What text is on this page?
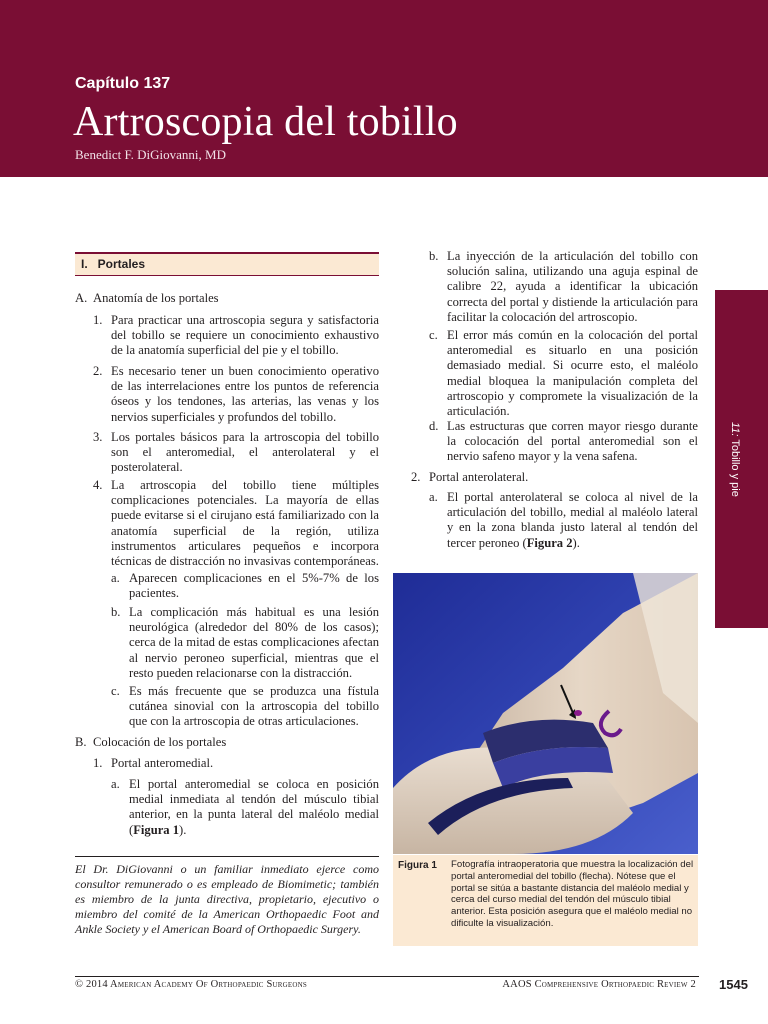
Capítulo 137
Artroscopia del tobillo
Benedict F. DiGiovanni, MD
11: Tobillo y pie
I.   Portales
A. Anatomía de los portales
1. Para practicar una artroscopia segura y satisfactoria del tobillo se requiere un conocimiento exhaustivo de la anatomía superficial del pie y el tobillo.
2. Es necesario tener un buen conocimiento operativo de las interrelaciones entre los puntos de referencia óseos y los tendones, las arterias, las venas y los nervios superficiales y profundos del tobillo.
3. Los portales básicos para la artroscopia del tobillo son el anteromedial, el anterolateral y el posterolateral.
4. La artroscopia del tobillo tiene múltiples complicaciones potenciales. La mayoría de ellas puede evitarse si el cirujano está familiarizado con la anatomía superficial de la región, utiliza instrumentos articulares pequeños e incorpora técnicas de distracción no invasivas contemporáneas.
a. Aparecen complicaciones en el 5%-7% de los pacientes.
b. La complicación más habitual es una lesión neurológica (alrededor del 80% de los casos); cerca de la mitad de estas complicaciones afectan al nervio peroneo superficial, mientras que el resto pueden relacionarse con la distracción.
c. Es más frecuente que se produzca una fístula cutánea sinovial con la artroscopia del tobillo que con la artroscopia de otras articulaciones.
B. Colocación de los portales
1. Portal anteromedial.
a. El portal anteromedial se coloca en posición medial inmediata al tendón del músculo tibial anterior, en la punta lateral del maléolo medial (Figura 1).
El Dr. DiGiovanni o un familiar inmediato ejerce como consultor remunerado o es empleado de Biomimetic; también es miembro de la junta directiva, propietario, ejecutivo o miembro del comité de la American Orthopaedic Foot and Ankle Society y el American Board of Orthopaedic Surgery.
b. La inyección de la articulación del tobillo con solución salina, utilizando una aguja espinal de calibre 22, ayuda a identificar la ubicación correcta del portal y distiende la articulación para facilitar la colocación del artroscopio.
c. El error más común en la colocación del portal anteromedial es situarlo en una posición demasiado medial. Si ocurre esto, el maléolo medial bloquea la manipulación completa del artroscopio y compromete la visualización de la articulación.
d. Las estructuras que corren mayor riesgo durante la colocación del portal anteromedial son el nervio safeno mayor y la vena safena.
2. Portal anterolateral.
a. El portal anterolateral se coloca al nivel de la articulación del tobillo, medial al maléolo lateral y en la zona blanda justo lateral al tendón del tercer peroneo (Figura 2).
Figura 1 Fotografía intraoperatoria que muestra la localización del portal anteromedial del tobillo (flecha). Nótese que el portal se sitúa a bastante distancia del maléolo medial y cerca del curso medial del tendón del músculo tibial anterior. Esta posición asegura que el maléolo medial no dificulte la visualización.
© 2014 American Academy Of Orthopaedic Surgeons	AAOS Comprehensive Orthopaedic Review 2 1545
